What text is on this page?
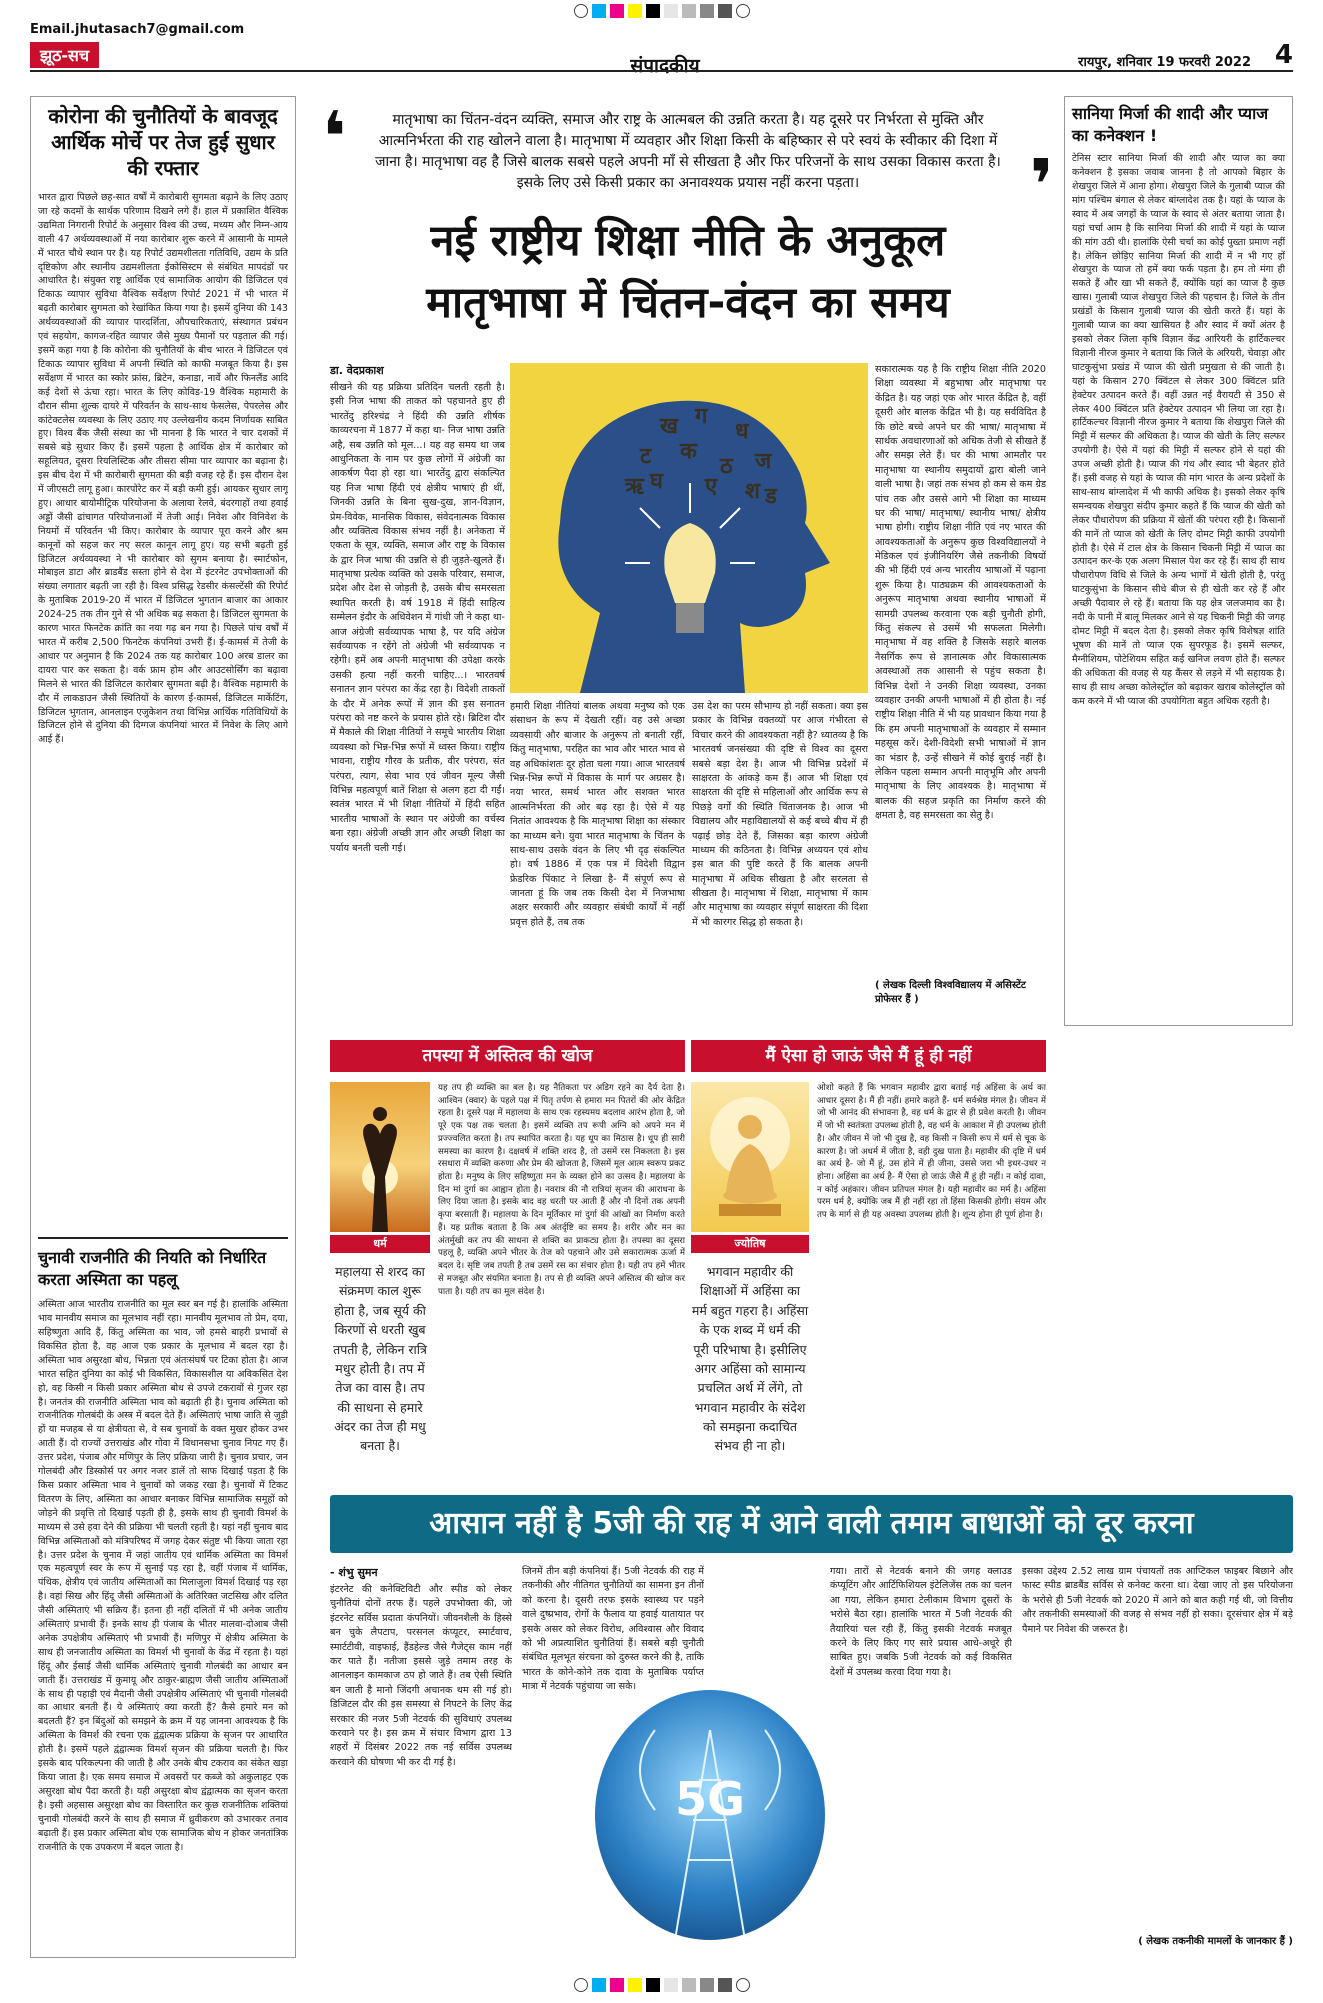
Email.jhutasach7@gmail.com
झूठ-सच	संपादकीय	रायपुर, शनिवार 19 फरवरी 2022 4
कोरोना की चुनौतियों के बावजूद आर्थिक मोर्चे पर तेज हुई सुधार की रफ्तार
भारत द्वारा पिछले छह-सात वर्षों में कारोबारी सुगमता बढ़ाने के लिए उठाए जा रहे कदमों के सार्थक परिणाम दिखने लगे हैं। हाल में प्रकाशित वैश्विक उद्यमिता निगरानी रिपोर्ट के अनुसार विश्व की उच्च, मध्यम और निम्न-आय वाली 47 अर्थव्यवस्थाओं में नया कारोबार शुरू करने में आसानी के मामले में भारत चौथे स्थान पर है। यह रिपोर्ट उद्यमशीलता गतिविधि, उद्यम के प्रति दृष्टिकोण और स्थानीय उद्यमशीलता ईकोसिस्टम से संबंधित मापदंडों पर आधारित है। संयुक्त राष्ट्र आर्थिक एवं सामाजिक आयोग की डिजिटल एवं टिकाऊ व्यापार सुविधा वैश्विक सर्वेक्षण रिपोर्ट 2021 में भी भारत में बढ़ती कारोबार सुगमता को रेखांकित किया गया है। इसमें दुनिया की 143 अर्थव्यवस्थाओं की व्यापार पारदर्शिता, औपचारिकताएं, संस्थागत प्रबंधन एवं सहयोग, कागज-रहित व्यापार जैसे मुख्य पैमानों पर पड़ताल की गई। इसमें कहा गया है कि कोरोना की चुनौतियों के बीच भारत ने डिजिटल एवं टिकाऊ व्यापार सुविधा में अपनी स्थिति को काफी मजबूत किया है। इस सर्वेक्षण में भारत का स्कोर फ्रांस, ब्रिटेन, कनाडा, नार्वे और फिनलैंड आदि कई देशों से ऊंचा रहा। भारत के लिए कोविड-19 वैश्विक महामारी के दौरान सीमा शुल्क दायरे में परिवर्तन के साथ-साथ फेसलेस, पेपरलेस और कांटेक्टलेस व्यवस्था के लिए उठाए गए उल्लेखनीय कदम निर्णायक साबित हुए। विश्व बैंक जैसी संस्था का भी मानना है कि भारत ने चार दशकों में सबसे बड़े सुधार किए हैं। इसमें पहला है आर्थिक क्षेत्र में कारोबार को सहूलियत, दूसरा रियलिस्टिक और तीसरा सीमा पार व्यापार का बढ़ाना है। इस बीच देश में भी कारोबारी सुगमता की बड़ी वजह रहे हैं। इस दौरान देश में जीएसटी लागू हुआ। कारपोरेट कर में बड़ी कमी हुई। आयकर सुधार लागू हुए। आधार बायोमीट्रिक परियोजना के अलावा रेलवे, बंदरगाहों तथा हवाई अड्डों जैसी ढांचागत परियोजनाओं में तेजी आई। निवेश और विनिवेश के नियमों में परिवर्तन भी किए। कारोबार के व्यापार पूरा करने और श्रम कानूनों को सहज कर नए सरल कानून लागू हुए। यह सभी बढ़ती हुई डिजिटल अर्थव्यवस्था ने भी कारोबार को सुगम बनाया है। स्मार्टफोन, मोबाइल डाटा और ब्राडबैंड सस्ता होने से देश में इंटरनेट उपभोक्ताओं की संख्या लगातार बढ़ती जा रही है। विश्व प्रसिद्ध रेडसीर कंसल्टेंसी की रिपोर्ट के मुताबिक 2019-20 में भारत में डिजिटल भुगतान बाजार का आकार 2024-25 तक तीन गुने से भी अधिक बढ़ सकता है। डिजिटल सुगमता के कारण भारत फिनटेक क्रांति का नया गढ़ बन गया है। पिछले पांच वर्षों में भारत में करीब 2,500 फिनटेक कंपनियां उभरी हैं। ई-कामर्स में तेजी के आधार पर अनुमान है कि 2024 तक यह कारोबार 100 अरब डालर का दायरा पार कर सकता है। वर्क फ्राम होम और आउटसोर्सिंग का बढ़ावा मिलने से भारत की डिजिटल कारोबार सुगमता बढ़ी है। वैश्विक महामारी के दौर में लाकडाउन जैसी स्थितियों के कारण ई-कामर्स, डिजिटल मार्केटिंग, डिजिटल भुगतान, आनलाइन एजुकेशन तथा विभिन्न आर्थिक गतिविधियों के डिजिटल होने से दुनिया की दिग्गज कंपनियां भारत में निवेश के लिए आगे आई हैं।
चुनावी राजनीति की नियति को निर्धारित करता अस्मिता का पहलू
अस्मिता आज भारतीय राजनीति का मूल स्वर बन गई है। हालांकि अस्मिता भाव मानवीय समाज का मूलभाव नहीं रहा। मानवीय मूलभाव तो प्रेम, दया, सहिष्णुता आदि हैं, किंतु अस्मिता का भाव, जो हमसे बाहरी प्रभावों से विकसित होता है, वह आज एक प्रकार के मूलभाव में बदल रहा है। अस्मिता भाव असुरक्षा बोध, भिन्नता एवं अंतःसंघर्ष पर टिका होता है। आज भारत सहित दुनिया का कोई भी विकसित, विकासशील या अविकसित देश हो, वह किसी न किसी प्रकार अस्मिता बोध से उपजे टकरावों से गुजर रहा है। जनतंत्र की राजनीति अस्मिता भाव को बढ़ाती ही है। चुनाव अस्मिता को राजनीतिक गोलबंदी के अस्त्र में बदल देते हैं। अस्मिताएं भाषा जाति से जुड़ी हों या मजहब से या क्षेत्रीयता से, वे सब चुनावों के वक्त मुखर होकर उभर आती हैं। दो राज्यों उत्तराखंड और गोवा में विधानसभा चुनाव निपट गए हैं। उत्तर प्रदेश, पंजाब और मणिपुर के लिए प्रक्रिया जारी है। चुनाव प्रचार, जन गोलबंदी और डिस्कोर्स पर अगर नजर डालें तो साफ दिखाई पड़ता है कि किस प्रकार अस्मिता भाव ने चुनावों को जकड़ रखा है। चुनावों में टिकट वितरण के लिए, अस्मिता का आधार बनाकर विभिन्न सामाजिक समूहों को जोड़ने की प्रवृत्ति तो दिखाई पड़ती ही है, इसके साथ ही चुनावी विमर्श के माध्यम से उसे हवा देने की प्रक्रिया भी चलती रहती है। यहां नहीं चुनाव बाद विभिन्न अस्मिताओं को मंत्रिपरिषद में जगह देकर संतुष्ट भी किया जाता रहा है। उत्तर प्रदेश के चुनाव में जहां जातीय एवं धार्मिक अस्मिता का विमर्श एक महत्वपूर्ण स्वर के रूप में सुनाई पड़ रहा है, वहीं पंजाब में धार्मिक, पंथिक, क्षेत्रीय एवं जातीय अस्मिताओं का मिलाजुला विमर्श दिखाई पड़ रहा है। वहां सिख और हिंदू जैसी अस्मिताओं के अतिरिक्त जटसिख और दलित जैसी अस्मिताएं भी सक्रिय हैं। इतना ही नहीं दलितों में भी अनेक जातीय अस्मिताएं प्रभावी हैं। इनके साथ ही पंजाब के भीतर मालवा-दोआब जैसी अनेक उपक्षेत्रीय अस्मिताएं भी प्रभावी हैं। मणिपुर में क्षेत्रीय अस्मिता के साथ ही जनजातीय अस्मिता का विमर्श भी चुनावों के केंद्र में रहता है। यहां हिंदू और ईसाई जैसी धार्मिक अस्मिताएं चुनावी गोलबंदी का आधार बन जाती हैं। उत्तराखंड में कुमायू और ठाकुर-ब्राह्मण जैसी जातीय अस्मिताओं के साथ ही पहाड़ी एवं मैदानी जैसी उपक्षेत्रीय अस्मिताएं भी चुनावी गोलबंदी का आधार बनती हैं। ये अस्मिताएं क्या करती हैं? कैसे हमारे मन को बदलती हैं? इन बिंदुओं को समझने के क्रम में यह जानना आवश्यक है कि अस्मिता के विमर्श की रचना एक द्वंद्वात्मक प्रक्रिया के सृजन पर आधारित होती है। इसमें पहले द्वंद्वात्मक विमर्श सृजन की प्रक्रिया चलती है। फिर इसके बाद परिकल्पना की जाती है और उनके बीच टकराव का संकेत खड़ा किया जाता है। एक समय समाज में अवसरों पर कब्जे को अकुलाहट एक असुरक्षा बोध पैदा करती है। यही असुरक्षा बोध द्वंद्वात्मक का सृजन करता है। इसी अहसास असुरक्षा बोध का विस्तारित कर कुछ राजनीतिक शक्तियां चुनावी गोलबंदी करने के साथ ही समाज में ध्रुवीकरण को उभारकर तनाव बढ़ाती हैं। इस प्रकार अस्मिता बोध एक सामाजिक बोध न होकर जनतांत्रिक राजनीति के एक उपकरण में बदल जाता है।
सानिया मिर्जा की शादी और प्याज का कनेक्शन !
टेनिस स्टार सानिया मिर्जा की शादी और प्याज का क्या कनेक्शन है इसका जवाब जानना है तो आपको बिहार के शेखपुरा जिले में आना होगा। शेखपुरा जिले के गुलाबी प्याज की मांग पश्चिम बंगाल से लेकर बांग्लादेश तक है। यहां के प्याज के स्वाद में अब जगहों के प्याज के स्वाद से अंतर बताया जाता है। यहां चर्चा आम है कि सानिया मिर्जा की शादी में यहां के प्याज की मांग उठी थी। हालांकि ऐसी चर्चा का कोई पुख्ता प्रमाण नहीं है। लेकिन छोड़िए सानिया मिर्जा की शादी में न भी गए हों शेखपुरा के प्याज तो हमें क्या फर्क पड़ता है। हम तो मंगा ही सकते हैं और खा भी सकते हैं, क्योंकि यहां का प्याज है कुछ खास। गुलाबी प्याज शेखपुरा जिले की पहचान है। जिले के तीन प्रखंडों के किसान गुलाबी प्याज की खेती करते हैं। यहां के गुलाबी प्याज का क्या खासियत है और स्वाद में क्यों अंतर है इसको लेकर जिला कृषि विज्ञान केंद्र आरियरी के हार्टिकल्चर विज्ञानी नीरज कुमार ने बताया कि जिले के अरियरी, चेवाड़ा और घाटकुसुंभा प्रखंड में प्याज की खेती प्रमुखता से की जाती है। यहां के किसान 270 क्विंटल से लेकर 300 क्विंटल प्रति हेक्टेयर उत्पादन करते हैं। वहीं उन्नत नई वैरायटी से 350 से लेकर 400 क्विंटल प्रति हेक्टेयर उत्पादन भी लिया जा रहा है। हार्टिकल्चर विज्ञानी नीरज कुमार ने बताया कि शेखपुरा जिले की मिट्टी में सल्फर की अधिकता है। प्याज की खेती के लिए सल्फर उपयोगी है। ऐसे में यहां की मिट्टी में सल्फर होने से यहां की उपज अच्छी होती है। प्याज की गंध और स्वाद भी बेहतर होते हैं। इसी वजह से यहां के प्याज की मांग भारत के अन्य प्रदेशों के साथ-साथ बांग्लादेश में भी काफी अधिक है। इसको लेकर कृषि समन्वयक शेखपुरा संदीप कुमार कहते हैं कि प्याज की खेती को लेकर पौधारोपण की प्रक्रिया में खेतों की परंपरा रही है। किसानों की मानें तो प्याज को खेती के लिए दोमट मिट्टी काफी उपयोगी होती है। ऐसे में टाल क्षेत्र के किसान चिकनी मिट्टी में प्याज का उत्पादन कर-के एक अलग मिसाल पेश कर रहे हैं। साथ ही साथ पौधारोपण विधि से जिले के अन्य भागों में खेती होती है, परंतु घाटकुसुंभा के किसान सीधे बीज से ही खेती कर रहे हैं और अच्छी पैदावार ले रहे हैं। बताया कि यह क्षेत्र जलजमाव का है। नदी के पानी में बालू मिलकर आने से यह चिकनी मिट्टी की जगह दोमट मिट्टी में बदल देता है। इसको लेकर कृषि विशेषज्ञ शांति भूषण की मानें तो प्याज एक सुपरफूड है। इसमें सल्फर, मैग्नीशियम, पोटेशियम सहित कई खनिज लवण होते हैं। सल्फर की अधिकता की वजह से यह कैंसर से लड़ने में भी सहायक है। साथ ही साथ अच्छा कोलेस्ट्रॉल को बढ़ाकर खराब कोलेस्ट्रॉल को कम करने में भी प्याज की उपयोगिता बहुत अधिक रहती है।
❛	मातृभाषा का चिंतन-वंदन व्यक्ति, समाज और राष्ट्र के आत्मबल की उन्नति करता है। यह दूसरे पर निर्भरता से मुक्ति और आत्मनिर्भरता की राह खोलने वाला है। मातृभाषा में व्यवहार और शिक्षा किसी के बहिष्कार से परे स्वयं के स्वीकार की दिशा में जाना है। मातृभाषा वह है जिसे बालक सबसे पहले अपनी माँ से सीखता है और फिर परिजनों के साथ उसका विकास करता है। इसके लिए उसे किसी प्रकार का अनावश्यक प्रयास नहीं करना पड़ता।	❜
नई राष्ट्रीय शिक्षा नीति के अनुकूल
मातृभाषा में चिंतन-वंदन का समय
डा. वेदप्रकाश
सीखने की यह प्रक्रिया प्रतिदिन चलती रहती है। इसी निज भाषा की ताकत को पहचानते हुए ही भारतेंदु हरिश्चंद्र ने हिंदी की उन्नति शीर्षक काव्यरचना में 1877 में कहा था- निज भाषा उन्नति अहै, सब उन्नति को मूल...। यह वह समय था जब आधुनिकता के नाम पर कुछ लोगों में अंग्रेजी का आकर्षण पैदा हो रहा था। भारतेंदु द्वारा संकल्पित यह निज भाषा हिंदी एवं क्षेत्रीय भाषाएं ही थीं, जिनकी उन्नति के बिना सुख-दुख, ज्ञान-विज्ञान, प्रेम-विवेक, मानसिक विकास, संवेदनात्मक विकास और व्यक्तित्व विकास संभव नहीं है। अनेकता में एकता के सूत्र, व्यक्ति, समाज और राष्ट्र के विकास के द्वार निज भाषा की उन्नति से ही जुड़ते-खुलते हैं। मातृभाषा प्रत्येक व्यक्ति को उसके परिवार, समाज, प्रदेश और देश से जोड़ती है, उसके बीच समरसता स्थापित करती है। वर्ष 1918 में हिंदी साहित्य सम्मेलन इंदौर के अधिवेशन में गांधी जी ने कहा था- आज अंग्रेजी सर्वव्यापक भाषा है, पर यदि अंग्रेज सर्वव्यापक न रहेंगे तो अंग्रेजी भी सर्वव्यापक न रहेगी। हमें अब अपनी मातृभाषा की उपेक्षा करके उसकी हत्या नहीं करनी चाहिए...। भारतवर्ष सनातन ज्ञान परंपरा का केंद्र रहा है। विदेशी ताकतों के दौर में अनेक रूपों में ज्ञान की इस सनातन परंपरा को नष्ट करने के प्रयास होते रहे। ब्रिटिश दौर में मैकाले की शिक्षा नीतियों ने समूचे भारतीय शिक्षा व्यवस्था को भिन्न-भिन्न रूपों में ध्वस्त किया। राष्ट्रीय भावना, राष्ट्रीय गौरव के प्रतीक, वीर परंपरा, संत परंपरा, त्याग, सेवा भाव एवं जीवन मूल्य जैसी विभिन्न महत्वपूर्ण बातें शिक्षा से अलग हटा दी गईं। स्वतंत्र भारत में भी शिक्षा नीतियों में हिंदी सहित भारतीय भाषाओं के स्थान पर अंग्रेजी का वर्चस्व बना रहा। अंग्रेजी अच्छी ज्ञान और अच्छी शिक्षा का पर्याय बनती चली गई।
ख ग
ध
ट	ज
क
ठ
ऋ	ड
घ ए श
हमारी शिक्षा नीतियां बालक अथवा मनुष्य को एक संसाधन के रूप में देखती रहीं। वह उसे अच्छा व्यवसायी और बाजार के अनुरूप तो बनाती रहीं, किंतु मातृभाषा, परहित का भाव और भारत भाव से वह अधिकांशतः दूर होता चला गया। आज भारतवर्ष भिन्न-भिन्न रूपों में विकास के मार्ग पर अग्रसर है। नया भारत, समर्थ भारत और सशक्त भारत आत्मनिर्भरता की ओर बढ़ रहा है। ऐसे में यह नितांत आवश्यक है कि मातृभाषा शिक्षा का संस्कार का माध्यम बने। युवा भारत मातृभाषा के चिंतन के साथ-साथ उसके वंदन के लिए भी दृढ़ संकल्पित हो। वर्ष 1886 में एक पत्र में विदेशी विद्वान फ्रेडरिक पिंकाट ने लिखा है- मैं संपूर्ण रूप से जानता हूं कि जब तक किसी देश में निजभाषा अक्षर सरकारी और व्यवहार संबंधी कार्यों में नहीं प्रवृत्त होते हैं, तब तक
उस देश का परम सौभाग्य हो नहीं सकता। क्या इस प्रकार के विभिन्न वक्तव्यों पर आज गंभीरता से विचार करने की आवश्यकता नहीं है? ध्यातव्य है कि भारतवर्ष जनसंख्या की दृष्टि से विश्व का दूसरा सबसे बड़ा देश है। आज भी विभिन्न प्रदेशों में साक्षरता के आंकड़े कम हैं। आज भी शिक्षा एवं साक्षरता की दृष्टि से महिलाओं और आर्थिक रूप से पिछड़े वर्गों की स्थिति चिंताजनक है। आज भी विद्यालय और महाविद्यालयों से कई बच्चे बीच में ही पढ़ाई छोड़ देते हैं, जिसका बड़ा कारण अंग्रेजी माध्यम की कठिनता है। विभिन्न अध्ययन एवं शोध इस बात की पुष्टि करते हैं कि बालक अपनी मातृभाषा में अधिक सीखता है और सरलता से सीखता है। मातृभाषा में शिक्षा, मातृभाषा में काम और मातृभाषा का व्यवहार संपूर्ण साक्षरता की दिशा में भी कारगर सिद्ध हो सकता है।
सकारात्मक यह है कि राष्ट्रीय शिक्षा नीति 2020 शिक्षा व्यवस्था में बहुभाषा और मातृभाषा पर केंद्रित है। यह जहां एक ओर भारत केंद्रित है, वहीं दूसरी ओर बालक केंद्रित भी है। यह सर्वविदित है कि छोटे बच्चे अपने घर की भाषा/ मातृभाषा में सार्थक अवधारणाओं को अधिक तेजी से सीखते हैं और समझ लेते हैं। घर की भाषा आमतौर पर मातृभाषा या स्थानीय समुदायों द्वारा बोली जाने वाली भाषा है। जहां तक संभव हो कम से कम ग्रेड पांच तक और उससे आगे भी शिक्षा का माध्यम घर की भाषा/ मातृभाषा/ स्थानीय भाषा/ क्षेत्रीय भाषा होगी। राष्ट्रीय शिक्षा नीति एवं नए भारत की आवश्यकताओं के अनुरूप कुछ विश्वविद्यालयों ने मेडिकल एवं इंजीनियरिंग जैसे तकनीकी विषयों की भी हिंदी एवं अन्य भारतीय भाषाओं में पढ़ाना शुरू किया है। पाठ्यक्रम की आवश्यकताओं के अनुरूप मातृभाषा अथवा स्थानीय भाषाओं में सामग्री उपलब्ध करवाना एक बड़ी चुनौती होगी, किंतु संकल्प से उसमें भी सफलता मिलेगी। मातृभाषा में वह शक्ति है जिसके सहारे बालक नैसर्गिक रूप से ज्ञानात्मक और विकासात्मक अवस्थाओं तक आसानी से पहुंच सकता है। विभिन्न देशों ने उनकी शिक्षा व्यवस्था, उनका व्यवहार उनकी अपनी भाषाओं में ही होता है। नई राष्ट्रीय शिक्षा नीति में भी यह प्रावधान किया गया है कि हम अपनी मातृभाषाओं के व्यवहार में सम्मान महसूस करें। देशी-विदेशी सभी भाषाओं में ज्ञान का भंडार है, उन्हें सीखने में कोई बुराई नहीं है। लेकिन पहला सम्मान अपनी मातृभूमि और अपनी मातृभाषा के लिए आवश्यक है। मातृभाषा में बालक की सहज प्रकृति का निर्माण करने की क्षमता है, वह समरसता का सेतु है।
( लेखक दिल्ली विश्वविद्यालय में असिस्टेंट प्रोफेसर हैं )
तपस्या में अस्तित्व की खोज
धर्म
महालया से शरद का संक्रमण काल शुरू होता है, जब सूर्य की किरणों से धरती खुब तपती है, लेकिन रात्रि मधुर होती है। तप में तेज का वास है। तप की साधना से हमारे अंदर का तेज ही मधु बनता है।
यह तप ही व्यक्ति का बल है। यह नैतिकता पर अडिग रहने का दैर्य देता है। आश्विन (क्वार) के पहले पक्ष में पितृ तर्पण से हमारा मन पितरों की ओर केंद्रित रहता है। दूसरे पक्ष में महालया के साथ एक रहस्यमय बदलाव आरंभ होता है, जो पूरे एक पक्ष तक चलता है। इसमें व्यक्ति तप रूपी अग्नि को अपने मन में प्रज्ज्वलित करता है। तप स्थापित करता है। यह धूप का मिठास है। धूप ही सारी समस्या का कारण है। दक्षवर्ष में शक्ति शरद है, तो उसमें रस निकलता है। इस रसधारा में व्यक्ति करुणा और प्रेम की खोजता है, जिसमें मूल आत्म स्वरूप प्रकट होता है। मनुष्य के लिए सहिष्णुता मन के व्यक्त होने का उत्सव है। महालया के दिन मां दुर्गा का आह्वान होता है। नवरात्र की नौ रात्रियां सृजन की आराधना के लिए दिया जाता है। इसके बाद वह धरती पर आती हैं और नौ दिनों तक अपनी कृपा बरसाती हैं। महालया के दिन मूर्तिकार मां दुर्गा की आंखों का निर्माण करते हैं। यह प्रतीक बताता है कि अब अंतर्दृष्टि का समय है। शरीर और मन का अंतर्मुखी कर तप की साधना से शक्ति का प्राकट्य होता है। तपस्या का दूसरा पहलू है, व्यक्ति अपने भीतर के तेज को पहचाने और उसे सकारात्मक ऊर्जा में बदल दे। सृष्टि जब तपती है तब उसमें रस का संचार होता है। यही तप हमें भीतर से मजबूत और संयमित बनाता है। तप से ही व्यक्ति अपने अस्तित्व की खोज कर पाता है। यही तप का मूल संदेश है।
मैं ऐसा हो जाऊं जैसे मैं हूं ही नहीं
ज्योतिष
भगवान महावीर की शिक्षाओं में अहिंसा का मर्म बहुत गहरा है। अहिंसा के एक शब्द में धर्म की पूरी परिभाषा है। इसीलिए अगर अहिंसा को सामान्य प्रचलित अर्थ में लेंगे, तो भगवान महावीर के संदेश को समझना कदाचित संभव ही ना हो।
ओशो कहते हैं कि भगवान महावीर द्वारा बताई गई अहिंसा के अर्थ का आधार दूसरा है। मैं ही नहीं। हमारे कहते हैं- धर्म सर्वश्रेष्ठ मंगल है। जीवन में जो भी आनंद की संभावना है, वह धर्म के द्वार से ही प्रवेश करती है। जीवन में जो भी स्वतंत्रता उपलब्ध होती है, वह धर्म के आकाश में ही उपलब्ध होती है। और जीवन में जो भी दुख है, वह किसी न किसी रूप में धर्म से चूक के कारण है। जो अधर्म में जीता है, वही दुख पाता है। महावीर की दृष्टि में धर्म का अर्थ है- जो मैं हूं, उस होने में ही जीना, उससे जरा भी इधर-उधर न होना। अहिंसा का अर्थ है- मैं ऐसा हो जाऊं जैसे मैं हूं ही नहीं। न कोई दावा, न कोई अहंकार। जीवन प्रतिपल मंगल है। यही महावीर का मर्म है। अहिंसा परम धर्म है, क्योंकि जब मैं ही नहीं रहा तो हिंसा किसकी होगी। संयम और तप के मार्ग से ही यह अवस्था उपलब्ध होती है। शून्य होना ही पूर्ण होना है।
आसान नहीं है 5जी की राह में आने वाली तमाम बाधाओं को दूर करना
- शंभु सुमन
इंटरनेट की कनेक्टिविटी और स्पीड को लेकर चुनौतियां दोनों तरफ हैं। पहले उपभोक्ता की, जो इंटरनेट सर्विस प्रदाता कंपनियों। जीवनशैली के हिस्से बन चुके लैपटाप, परसनल कंप्यूटर, स्मार्टवाच, स्मार्टटीवी, वाइफाई, हैंडहेल्ड जैसे गैजेट्स काम नहीं कर पाते हैं। नतीजा इससे जुड़े तमाम तरह के आनलाइन कामकाज ठप हो जाते हैं। तब ऐसी स्थिति बन जाती है मानो जिंदगी अचानक थम सी गई हो। डिजिटल दौर की इस समस्या से निपटने के लिए केंद्र सरकार की नजर 5जी नेटवर्क की सुविधाएं उपलब्ध करवाने पर है। इस क्रम में संचार विभाग द्वारा 13 शहरों में दिसंबर 2022 तक नई सर्विस उपलब्ध करवाने की घोषणा भी कर दी गई है।
जिनमें तीन बड़ी कंपनियां हैं। 5जी नेटवर्क की राह में तकनीकी और नीतिगत चुनौतियों का सामना इन तीनों को करना है। दूसरी तरफ इसके स्वास्थ्य पर पड़ने वाले दुष्प्रभाव, रोगों के फैलाव या हवाई यातायात पर इसके असर को लेकर विरोध, अविश्वास और विवाद को भी अप्रत्याशित चुनौतियां हैं। सबसे बड़ी चुनौती संबंधित मूलभूत संरचना को दुरुस्त करने की है, ताकि भारत के कोने-कोने तक दावा के मुताबिक पर्याप्त मात्रा में नेटवर्क पहुंचाया जा सके।
5G
गया। तारों से नेटवर्क बनाने की जगह क्लाउड कंप्यूटिंग और आर्टिफिशियल इंटेलिजेंस तक का चलन आ गया, लेकिन हमारा टेलीकाम विभाग दूसरों के भरोसे बैठा रहा। हालांकि भारत में 5जी नेटवर्क की तैयारियां चल रही हैं, किंतु इसकी नेटवर्क मजबूत करने के लिए किए गए सारे प्रयास आधे-अधूरे ही साबित हुए। जबकि 5जी नेटवर्क को कई विकसित देशों में उपलब्ध करवा दिया गया है।
इसका उद्देश्य 2.52 लाख ग्राम पंचायतों तक आप्टिकल फाइबर बिछाने और फास्ट स्पीड ब्राडबैंड सर्विस से कनेक्ट करना था। देखा जाए तो इस परियोजना के भरोसे ही 5जी नेटवर्क को 2020 में आने को बात कही गई थी, जो वित्तीय और तकनीकी समस्याओं की वजह से संभव नहीं हो सका। दूरसंचार क्षेत्र में बड़े पैमाने पर निवेश की जरूरत है।
( लेखक तकनीकी मामलों के जानकार हैं )
